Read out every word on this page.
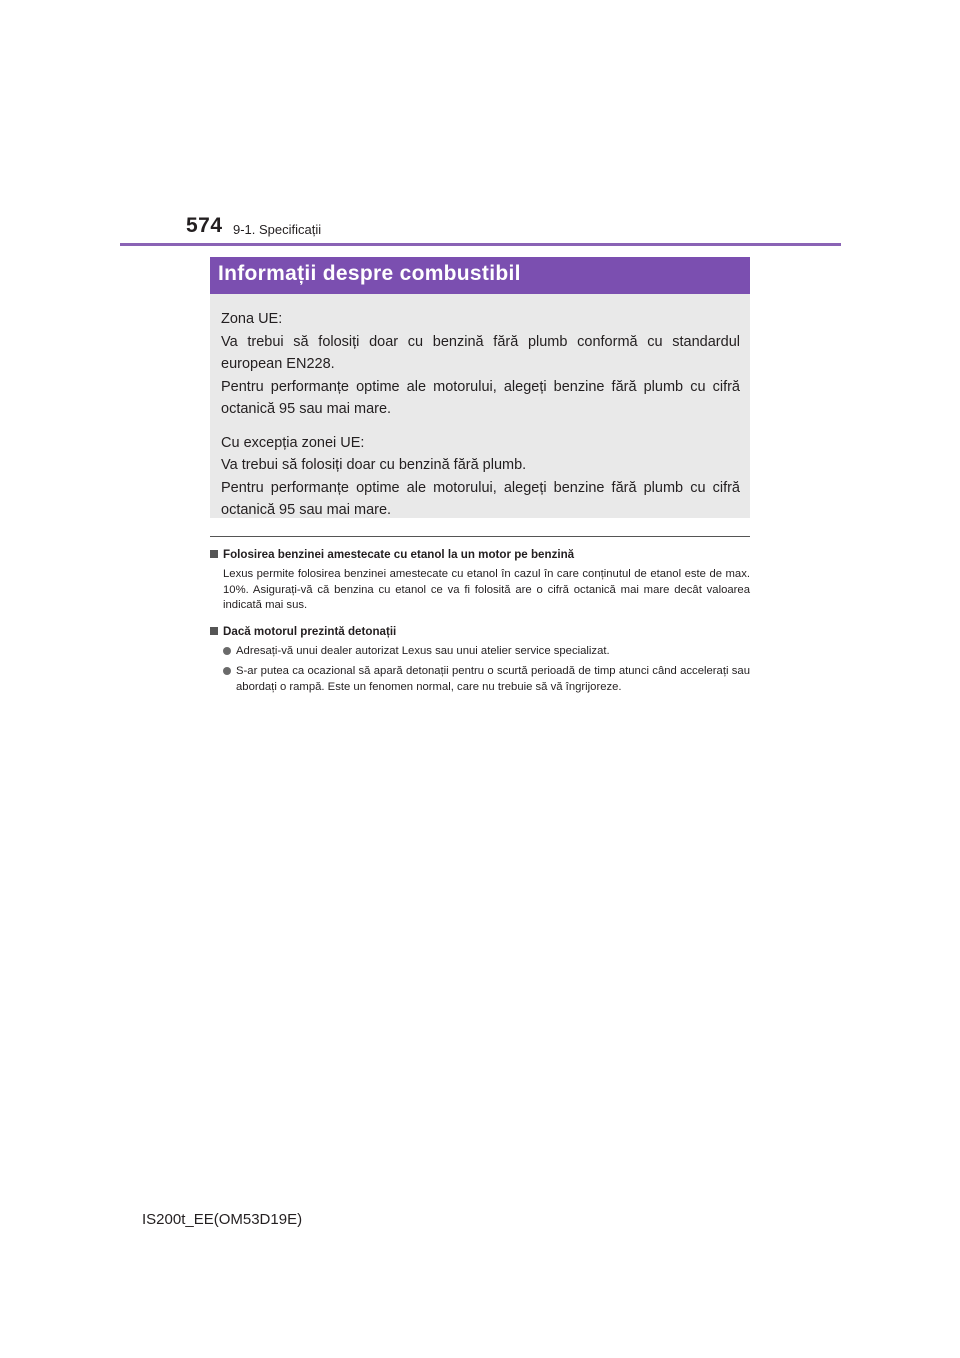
574 9-1. Specificații
Informații despre combustibil

Zona UE:

Va trebui să folosiți doar cu benzină fără plumb conformă cu standardul european EN228.

Pentru performanțe optime ale motorului, alegeți benzine fără plumb cu cifră octanică 95 sau mai mare.

Cu excepția zonei UE:

Va trebui să folosiți doar cu benzină fără plumb.

Pentru performanțe optime ale motorului, alegeți benzine fără plumb cu cifră octanică 95 sau mai mare.

Folosirea benzinei amestecate cu etanol la un motor pe benzină

Lexus permite folosirea benzinei amestecate cu etanol în cazul în care conținutul de etanol este de max. 10%. Asigurați-vă că benzina cu etanol ce va fi folosită are o cifră octanică mai mare decât valoarea indicată mai sus.

Dacă motorul prezintă detonații

Adresați-vă unui dealer autorizat Lexus sau unui atelier service specializat.

S-ar putea ca ocazional să apară detonații pentru o scurtă perioadă de timp atunci când accelerați sau abordați o rampă. Este un fenomen normal, care nu trebuie să vă îngrijoreze.

IS200t_EE(OM53D19E)
